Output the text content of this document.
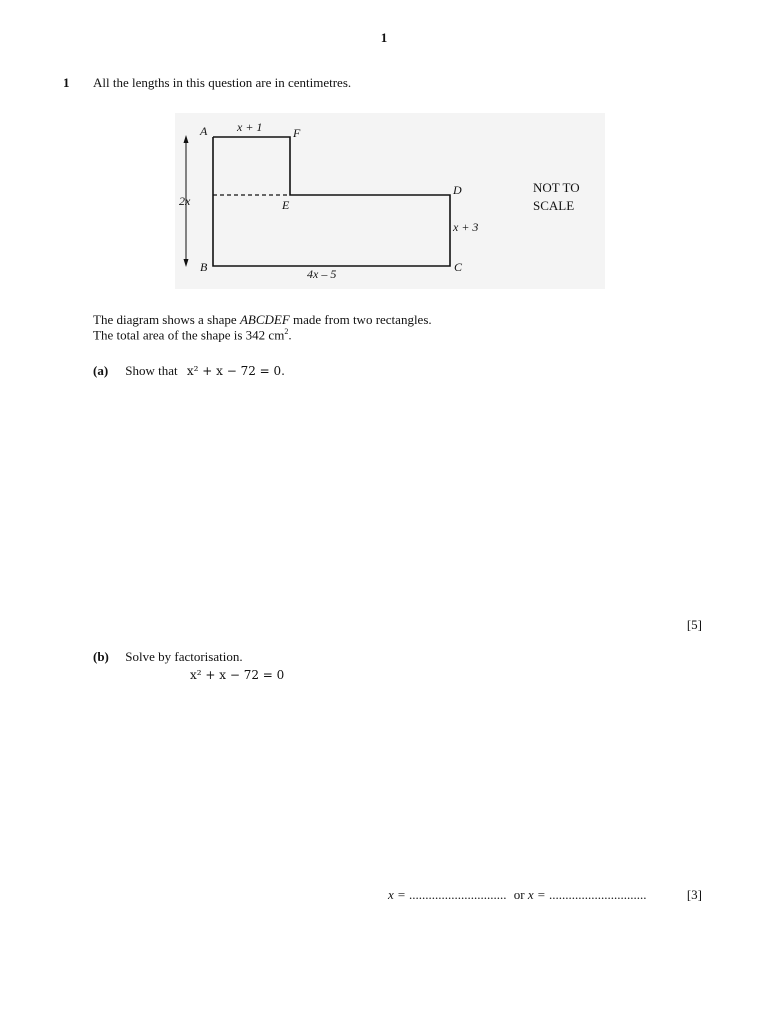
1
1 All the lengths in this question are in centimetres.
A	F
D
E
B	C
x + 1
2x
x + 3
4x – 5
NOT TO
SCALE
The diagram shows a shape ABCDEF made from two rectangles.
The total area of the shape is 342 $cm^2$.
(a) Show that x² + x − 72 = 0.
[5]
(b) Solve by factorisation.
x² + x − 72 = 0
x = .............................. or x = ..............................	[3]
